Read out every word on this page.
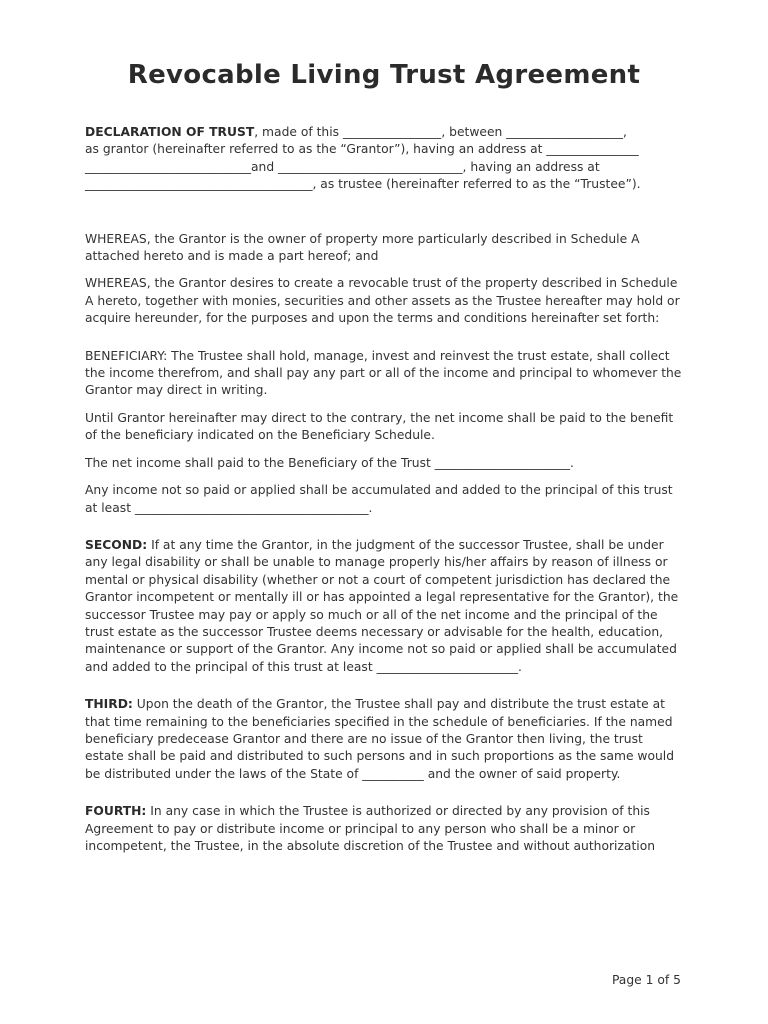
Revocable Living Trust Agreement

DECLARATION OF TRUST, made of this ________________, between ___________________,
as grantor (hereinafter referred to as the “Grantor”), having an address at _______________
___________________________and ______________________________, having an address at
_____________________________________, as trustee (hereinafter referred to as the “Trustee”).

WHEREAS, the Grantor is the owner of property more particularly described in Schedule A attached hereto and is made a part hereof; and

WHEREAS, the Grantor desires to create a revocable trust of the property described in Schedule A hereto, together with monies, securities and other assets as the Trustee hereafter may hold or acquire hereunder, for the purposes and upon the terms and conditions hereinafter set forth:

BENEFICIARY: The Trustee shall hold, manage, invest and reinvest the trust estate, shall collect the income therefrom, and shall pay any part or all of the income and principal to whomever the Grantor may direct in writing.

Until Grantor hereinafter may direct to the contrary, the net income shall be paid to the benefit of the beneficiary indicated on the Beneficiary Schedule.

The net income shall paid to the Beneficiary of the Trust ______________________.

Any income not so paid or applied shall be accumulated and added to the principal of this trust at least ______________________________________.

SECOND: If at any time the Grantor, in the judgment of the successor Trustee, shall be under any legal disability or shall be unable to manage properly his/her affairs by reason of illness or mental or physical disability (whether or not a court of competent jurisdiction has declared the Grantor incompetent or mentally ill or has appointed a legal representative for the Grantor), the successor Trustee may pay or apply so much or all of the net income and the principal of the trust estate as the successor Trustee deems necessary or advisable for the health, education, maintenance or support of the Grantor. Any income not so paid or applied shall be accumulated and added to the principal of this trust at least _______________________.

THIRD: Upon the death of the Grantor, the Trustee shall pay and distribute the trust estate at that time remaining to the beneficiaries specified in the schedule of beneficiaries. If the named beneficiary predecease Grantor and there are no issue of the Grantor then living, the trust estate shall be paid and distributed to such persons and in such proportions as the same would be distributed under the laws of the State of __________ and the owner of said property.

FOURTH: In any case in which the Trustee is authorized or directed by any provision of this Agreement to pay or distribute income or principal to any person who shall be a minor or incompetent, the Trustee, in the absolute discretion of the Trustee and without authorization

Page 1 of 5
